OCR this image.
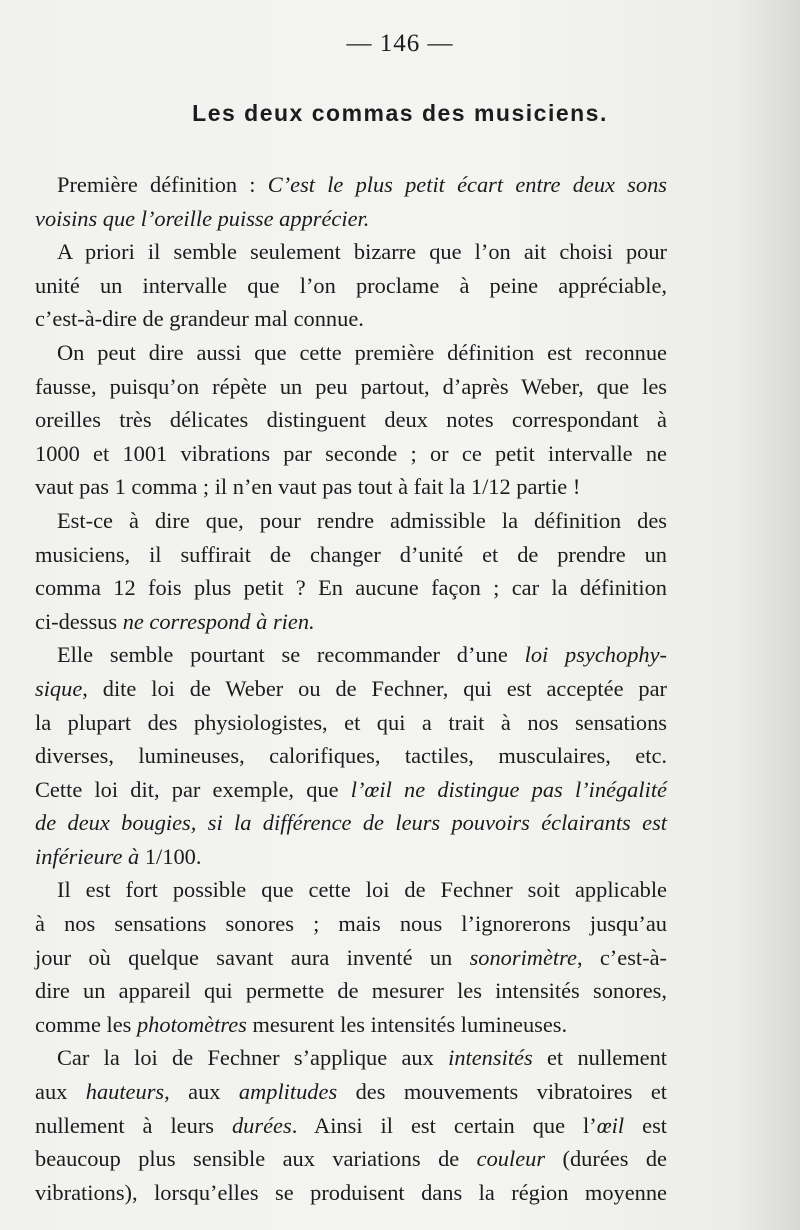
— 146 —
Les deux commas des musiciens.
Première définition : C’est le plus petit écart entre deux sons
voisins que l’oreille puisse apprécier.
A priori il semble seulement bizarre que l’on ait choisi pour
unité un intervalle que l’on proclame à peine appréciable,
c’est-à-dire de grandeur mal connue.
On peut dire aussi que cette première définition est reconnue
fausse, puisqu’on répète un peu partout, d’après Weber, que les
oreilles très délicates distinguent deux notes correspondant à
1000 et 1001 vibrations par seconde ; or ce petit intervalle ne
vaut pas 1 comma ; il n’en vaut pas tout à fait la 1/12 partie !
Est-ce à dire que, pour rendre admissible la définition des
musiciens, il suffirait de changer d’unité et de prendre un
comma 12 fois plus petit ? En aucune façon ; car la définition
ci-dessus ne correspond à rien.
Elle semble pourtant se recommander d’une loi psychophy-
sique, dite loi de Weber ou de Fechner, qui est acceptée par
la plupart des physiologistes, et qui a trait à nos sensations
diverses, lumineuses, calorifiques, tactiles, musculaires, etc.
Cette loi dit, par exemple, que l’œil ne distingue pas l’inégalité
de deux bougies, si la différence de leurs pouvoirs éclairants est
inférieure à 1/100.
Il est fort possible que cette loi de Fechner soit applicable
à nos sensations sonores ; mais nous l’ignorerons jusqu’au
jour où quelque savant aura inventé un sonorimètre, c’est-à-
dire un appareil qui permette de mesurer les intensités sonores,
comme les photomètres mesurent les intensités lumineuses.
Car la loi de Fechner s’applique aux intensités et nullement
aux hauteurs, aux amplitudes des mouvements vibratoires et
nullement à leurs durées. Ainsi il est certain que l’œil est
beaucoup plus sensible aux variations de couleur (durées de
vibrations), lorsqu’elles se produisent dans la région moyenne
